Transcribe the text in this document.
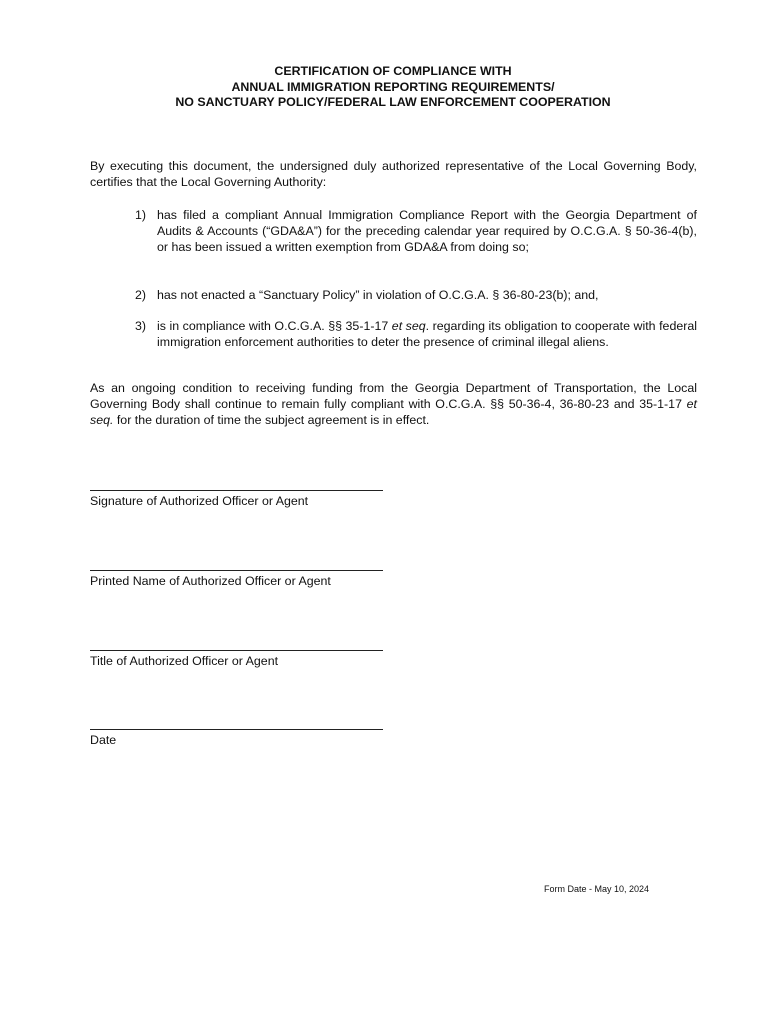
CERTIFICATION OF COMPLIANCE WITH
ANNUAL IMMIGRATION REPORTING REQUIREMENTS/
NO SANCTUARY POLICY/FEDERAL LAW ENFORCEMENT COOPERATION
By executing this document, the undersigned duly authorized representative of the Local Governing Body, certifies that the Local Governing Authority:
1) has filed a compliant Annual Immigration Compliance Report with the Georgia Department of Audits & Accounts (“GDA&A”) for the preceding calendar year required by O.C.G.A. § 50-36-4(b), or has been issued a written exemption from GDA&A from doing so;
2) has not enacted a “Sanctuary Policy” in violation of O.C.G.A. § 36-80-23(b); and,
3) is in compliance with O.C.G.A. §§ 35-1-17 et seq. regarding its obligation to cooperate with federal immigration enforcement authorities to deter the presence of criminal illegal aliens.
As an ongoing condition to receiving funding from the Georgia Department of Transportation, the Local Governing Body shall continue to remain fully compliant with O.C.G.A. §§ 50-36-4, 36-80-23 and 35-1-17 et seq. for the duration of time the subject agreement is in effect.
Signature of Authorized Officer or Agent
Printed Name of Authorized Officer or Agent
Title of Authorized Officer or Agent
Date
Form Date - May 10, 2024
